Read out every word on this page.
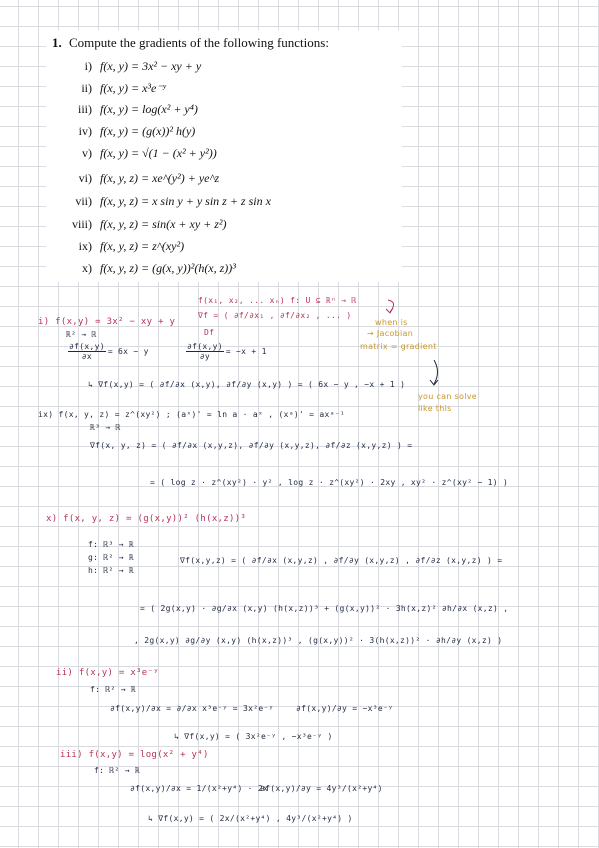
1. Compute the gradients of the following functions:

i) f(x, y) = 3x² − xy + y
ii) f(x, y) = x³e⁻ʸ
iii) f(x, y) = log(x² + y⁴)
iv) f(x, y) = (g(x))² h(y)
v) f(x, y) = √(1 − (x² + y²))
vi) f(x, y, z) = xe^(y²) + ye^z
vii) f(x, y, z) = x sin y + y sin z + z sin x
viii) f(x, y, z) = sin(x + xy + z²)
ix) f(x, y, z) = z^(xy²)
x) f(x, y, z) = (g(x, y))²(h(x, z))³
f(x₁, x₂, ... xₙ) f: U ⊆ ℝⁿ → ℝ
∇f = ( ∂f/∂x₁ , ∂f/∂x₂ , ... )
Df
when is
→ Jacobian
matrix = gradient
you can solve
like this
i) f(x,y) = 3x² − xy + y
ℝ² → ℝ
$\frac{\partial f(x,y)}{\partial x} = 6x - y$	$\frac{\partial f(x,y)}{\partial y} = -x + 1$
↳ ∇f(x,y) = ( ∂f/∂x (x,y), ∂f/∂y (x,y) ) = ( 6x − y , −x + 1 )
ix) f(x, y, z) = z^(xy²) ; (aˣ)' = ln a · aˣ , (xᵃ)' = axᵃ⁻¹
ℝ³ → ℝ
∇f(x, y, z) = ( ∂f/∂x (x,y,z), ∂f/∂y (x,y,z), ∂f/∂z (x,y,z) ) =
= ( log z · z^(xy²) · y² , log z · z^(xy²) · 2xy , xy² · z^(xy² − 1) )
x) f(x, y, z) = (g(x,y))² (h(x,z))³
f: ℝ³ → ℝ
g: ℝ² → ℝ
h: ℝ² → ℝ
∇f(x,y,z) = ( ∂f/∂x (x,y,z) , ∂f/∂y (x,y,z) , ∂f/∂z (x,y,z) ) =
= ( 2g(x,y) · ∂g/∂x (x,y) (h(x,z))³ + (g(x,y))² · 3h(x,z)² ∂h/∂x (x,z) ,
, 2g(x,y) ∂g/∂y (x,y) (h(x,z))³ , (g(x,y))² · 3(h(x,z))² · ∂h/∂y (x,z) )
ii) f(x,y) = x³e⁻ʸ
f: ℝ² → ℝ
∂f(x,y)/∂x = ∂/∂x x³e⁻ʸ = 3x²e⁻ʸ	∂f(x,y)/∂y = −x³e⁻ʸ
↳ ∇f(x,y) = ( 3x²e⁻ʸ , −x³e⁻ʸ )
iii) f(x,y) = log(x² + y⁴)
f: ℝ² → ℝ
∂f(x,y)/∂x = 1/(x²+y⁴) · 2x
∂f(x,y)/∂y = 4y³/(x²+y⁴)
↳ ∇f(x,y) = ( 2x/(x²+y⁴) , 4y³/(x²+y⁴) )
